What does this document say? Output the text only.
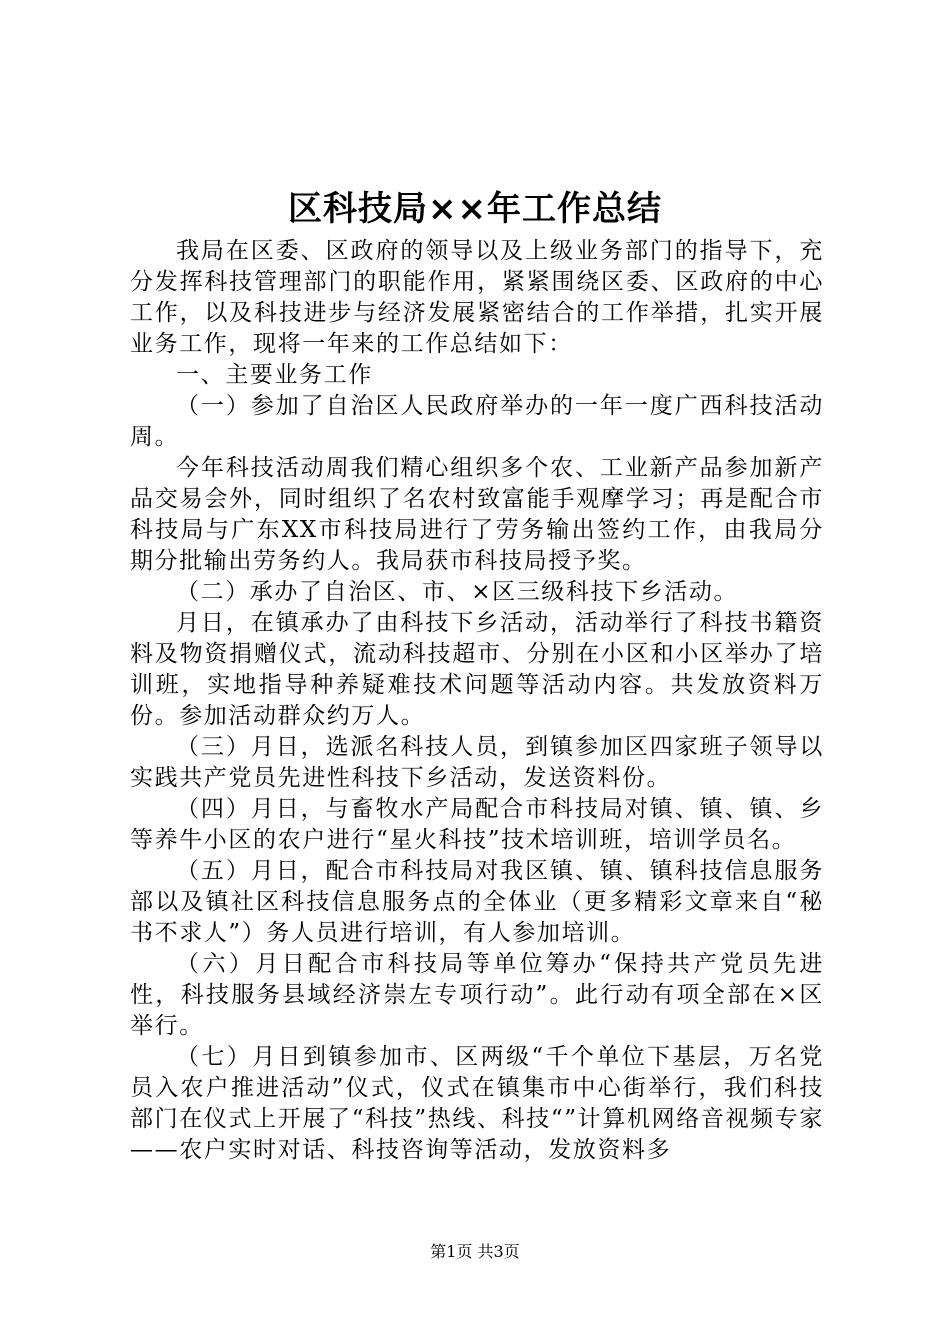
区科技局××年工作总结

我局在区委、区政府的领导以及上级业务部门的指导下，充分发挥科技管理部门的职能作用，紧紧围绕区委、区政府的中心工作，以及科技进步与经济发展紧密结合的工作举措，扎实开展业务工作，现将一年来的工作总结如下：

一、主要业务工作

（一）参加了自治区人民政府举办的一年一度广西科技活动周。

今年科技活动周我们精心组织多个农、工业新产品参加新产品交易会外，同时组织了名农村致富能手观摩学习；再是配合市科技局与广东XX市科技局进行了劳务输出签约工作，由我局分期分批输出劳务约人。我局获市科技局授予奖。

（二）承办了自治区、市、×区三级科技下乡活动。

月日，在镇承办了由科技下乡活动，活动举行了科技书籍资料及物资捐赠仪式，流动科技超市、分别在小区和小区举办了培训班，实地指导种养疑难技术问题等活动内容。共发放资料万份。参加活动群众约万人。

（三）月日，选派名科技人员，到镇参加区四家班子领导以实践共产党员先进性科技下乡活动，发送资料份。

（四）月日，与畜牧水产局配合市科技局对镇、镇、镇、乡等养牛小区的农户进行“星火科技”技术培训班，培训学员名。

（五）月日，配合市科技局对我区镇、镇、镇科技信息服务部以及镇社区科技信息服务点的全体业（更多精彩文章来自“秘书不求人”）务人员进行培训，有人参加培训。

（六）月日配合市科技局等单位筹办“保持共产党员先进性，科技服务县域经济崇左专项行动”。此行动有项全部在×区举行。

（七）月日到镇参加市、区两级“千个单位下基层，万名党员入农户推进活动”仪式，仪式在镇集市中心街举行，我们科技部门在仪式上开展了“科技”热线、科技“”计算机网络音视频专家——农户实时对话、科技咨询等活动，发放资料多

第1页 共3页
